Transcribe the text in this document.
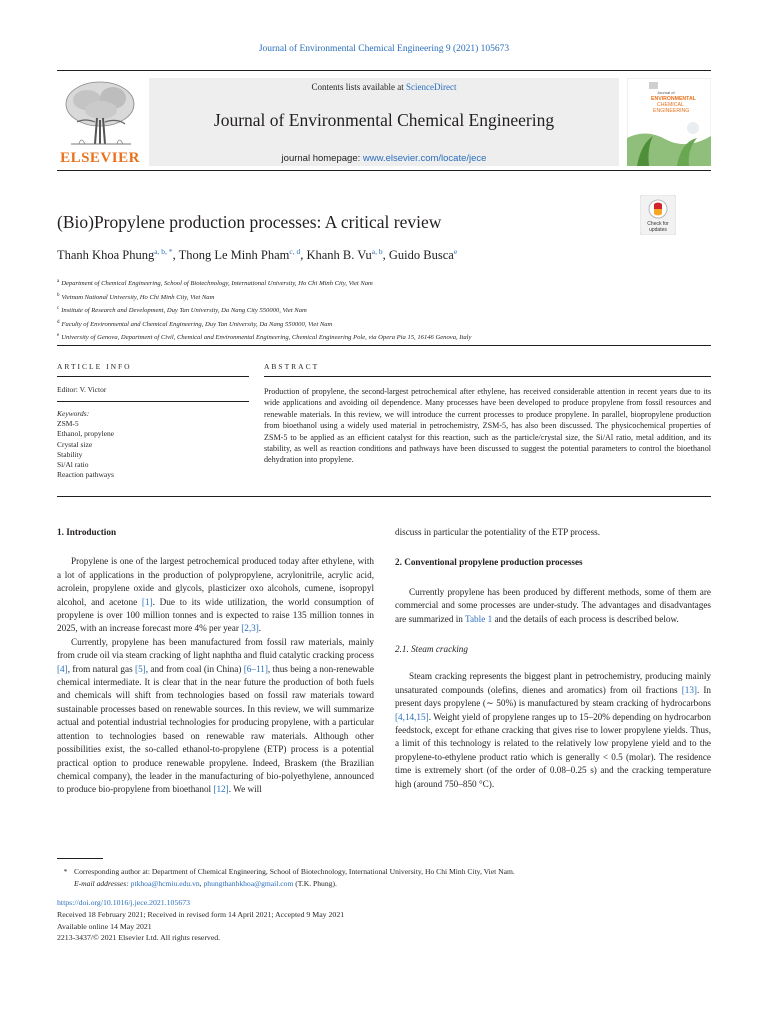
Journal of Environmental Chemical Engineering 9 (2021) 105673
ELSEVIER
Contents lists available at ScienceDirect
Journal of Environmental Chemical Engineering
journal homepage: www.elsevier.com/locate/jece
Journal of
ENVIRONMENTAL
CHEMICAL
ENGINEERING
(Bio)Propylene production processes: A critical review	Check for
updates
Thanh Khoa Phung$^{a, b, *}$, Thong Le Minh Pham$^{c, d}$, Khanh B. Vu$^{a, b}$, Guido Busca$^e$
$^a$ Department of Chemical Engineering, School of Biotechnology, International University, Ho Chi Minh City, Viet Nam
$^b$ Vietnam National University, Ho Chi Minh City, Viet Nam
$^c$ Institute of Research and Development, Duy Tan University, Da Nang City 550000, Viet Nam
$^d$ Faculty of Environmental and Chemical Engineering, Duy Tan University, Da Nang 550000, Viet Nam
$^e$ University of Genova, Department of Civil, Chemical and Environmental Engineering, Chemical Engineering Pole, via Opera Pia 15, 16146 Genova, Italy
ARTICLE INFO	ABSTRACT
Editor: V. Victor
Keywords:
ZSM-5
Ethanol, propylene
Crystal size
Stability
Si/Al ratio
Reaction pathways
Production of propylene, the second-largest petrochemical after ethylene, has received considerable attention in recent years due to its wide applications and avoiding oil dependence. Many processes have been developed to produce propylene from fossil resources and renewable materials. In this review, we will introduce the current processes to produce propylene. In parallel, biopropylene production from bioethanol using a widely used material in petrochemistry, ZSM-5, has also been discussed. The physicochemical properties of ZSM-5 to be applied as an efficient catalyst for this reaction, such as the particle/crystal size, the Si/Al ratio, metal addition, and its stability, as well as reaction conditions and pathways have been discussed to suggest the potential parameters to control the bioethanol dehydration into propylene.
1. Introduction

Propylene is one of the largest petrochemical produced today after ethylene, with a lot of applications in the production of polypropylene, acrylonitrile, acrylic acid, acrolein, propylene oxide and glycols, plasticizer oxo alcohols, cumene, isopropyl alcohol, and acetone [1]. Due to its wide utilization, the world consumption of propylene is over 100 million tonnes and is expected to raise 135 million tonnes in 2025, with an increase forecast more 4% per year [2,3].

Currently, propylene has been manufactured from fossil raw materials, mainly from crude oil via steam cracking of light naphtha and fluid catalytic cracking process [4], from natural gas [5], and from coal (in China) [6–11], thus being a non-renewable chemical intermediate. It is clear that in the near future the production of both fuels and chemicals will shift from technologies based on fossil raw materials toward sustainable processes based on renewable sources. In this review, we will summarize actual and potential industrial technologies for producing propylene, with a particular attention to technologies based on renewable raw materials. Although other possibilities exist, the so-called ethanol-to-propylene (ETP) process is a potential practical option to produce renewable propylene. Indeed, Braskem (the Brazilian chemical company), the leader in the manufacturing of bio-polyethylene, announced to produce bio-propylene from bioethanol [12]. We will

discuss in particular the potentiality of the ETP process.

2. Conventional propylene production processes

Currently propylene has been produced by different methods, some of them are commercial and some processes are under-study. The advantages and disadvantages are summarized in Table 1 and the details of each process is described below.

2.1. Steam cracking

Steam cracking represents the biggest plant in petrochemistry, producing mainly unsaturated compounds (olefins, dienes and aromatics) from oil fractions [13]. In present days propylene (∼ 50%) is manufactured by steam cracking of hydrocarbons [4,14,15]. Weight yield of propylene ranges up to 15–20% depending on hydrocarbon feedstock, except for ethane cracking that gives rise to lower propylene yields. Thus, a limit of this technology is related to the relatively low propylene yield and to the propylene-to-ethylene product ratio which is generally < 0.5 (molar). The residence time is extremely short (of the order of 0.08–0.25 s) and the cracking temperature high (around 750–850 °C).

* Corresponding author at: Department of Chemical Engineering, School of Biotechnology, International University, Ho Chi Minh City, Viet Nam.
E-mail addresses: ptkhoa@hcmiu.edu.vn, phungthanhkhoa@gmail.com (T.K. Phung).
https://doi.org/10.1016/j.jece.2021.105673
Received 18 February 2021; Received in revised form 14 April 2021; Accepted 9 May 2021
Available online 14 May 2021
2213-3437/© 2021 Elsevier Ltd. All rights reserved.
